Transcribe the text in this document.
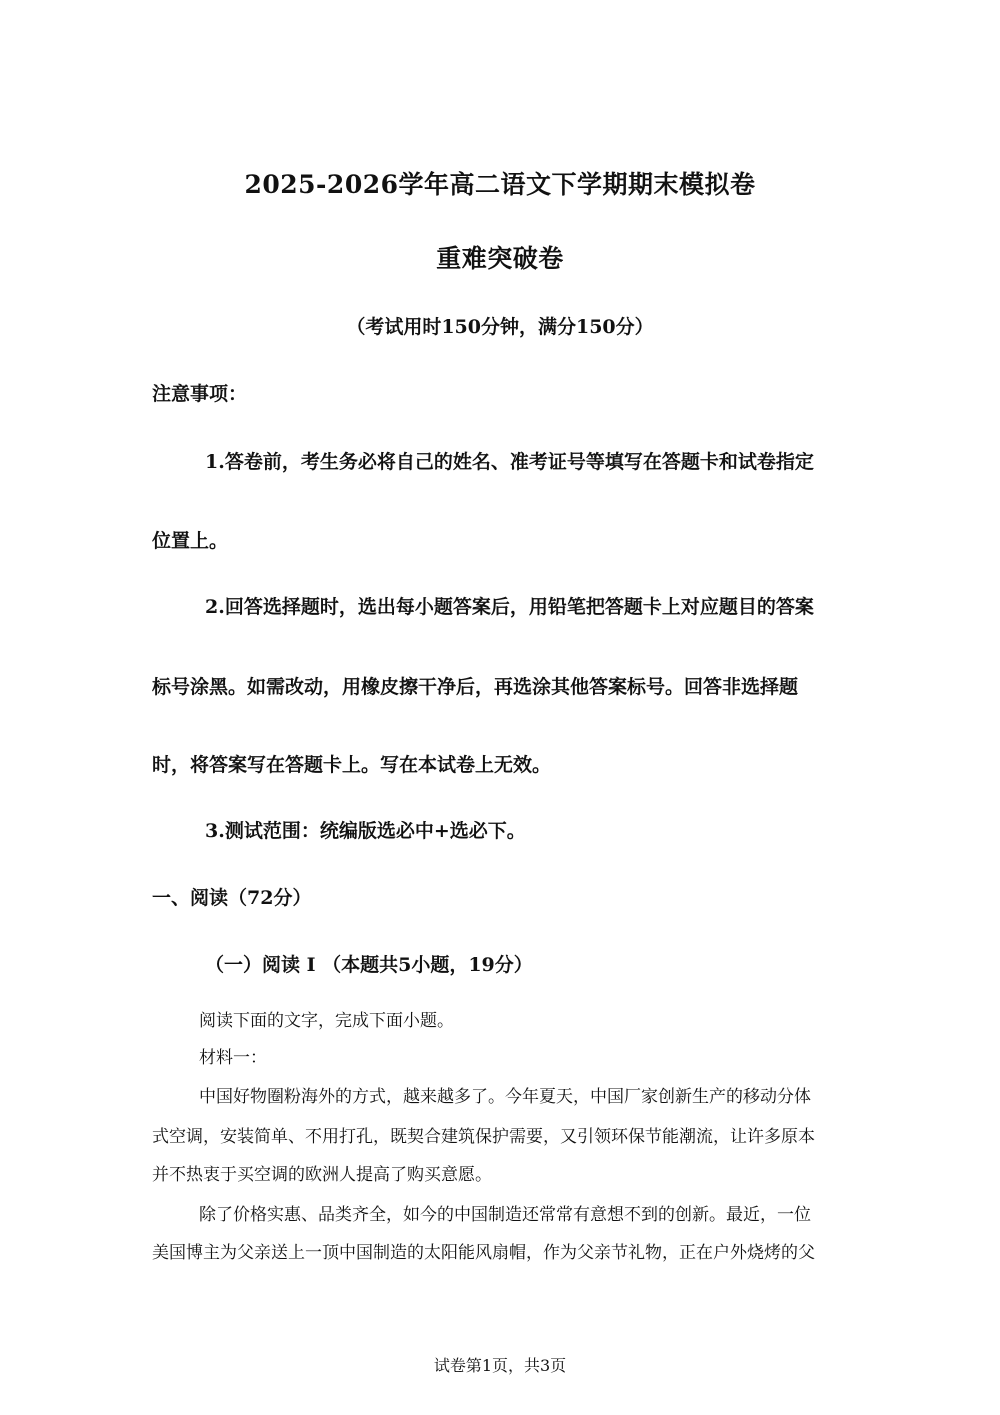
2025-2026学年高二语文下学期期末模拟卷
重难突破卷
（考试用时150分钟，满分150分）
注意事项：
1.答卷前，考生务必将自己的姓名、准考证号等填写在答题卡和试卷指定
位置上。
2.回答选择题时，选出每小题答案后，用铅笔把答题卡上对应题目的答案
标号涂黑。如需改动，用橡皮擦干净后，再选涂其他答案标号。回答非选择题
时，将答案写在答题卡上。写在本试卷上无效。
3.测试范围：统编版选必中+选必下。
一、阅读（72分）
（一）阅读 I （本题共5小题，19分）
阅读下面的文字，完成下面小题。
材料一：
中国好物圈粉海外的方式，越来越多了。今年夏天，中国厂家创新生产的移动分体
式空调，安装简单、不用打孔，既契合建筑保护需要，又引领环保节能潮流，让许多原本
并不热衷于买空调的欧洲人提高了购买意愿。
除了价格实惠、品类齐全，如今的中国制造还常常有意想不到的创新。最近，一位
美国博主为父亲送上一顶中国制造的太阳能风扇帽，作为父亲节礼物，正在户外烧烤的父
试卷第1页，共3页
